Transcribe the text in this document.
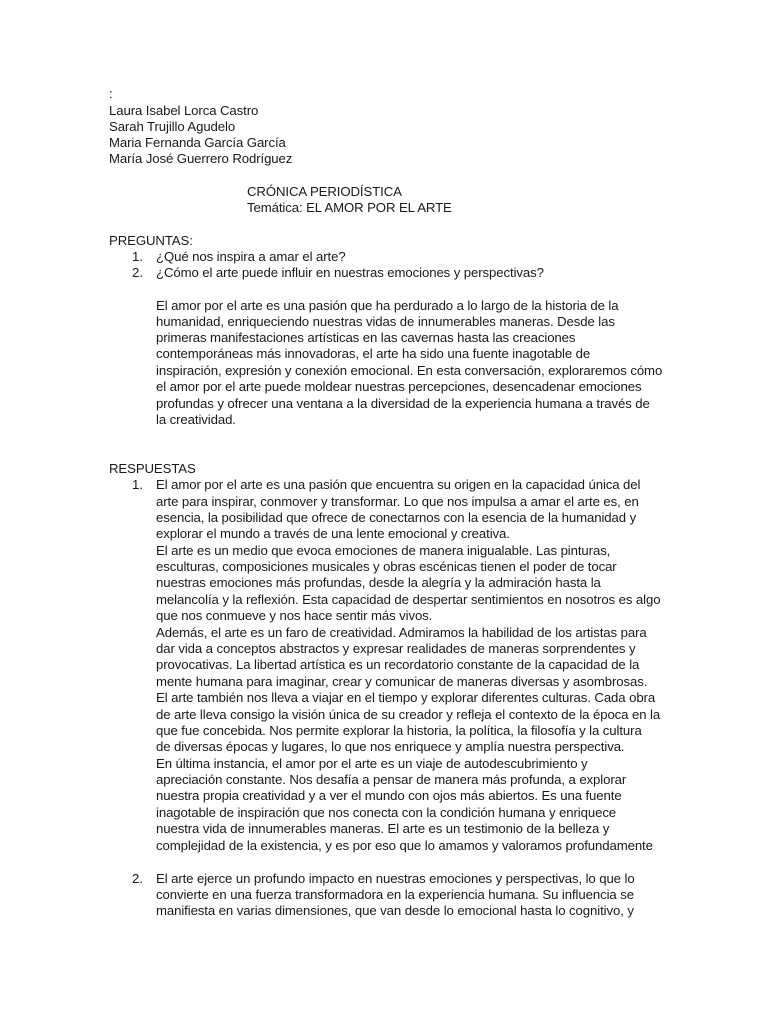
:
Laura Isabel Lorca Castro
Sarah Trujillo Agudelo
Maria Fernanda García García
María José Guerrero Rodríguez
CRÓNICA PERIODÍSTICA
Temática: EL AMOR POR EL ARTE
PREGUNTAS:
1. ¿Qué nos inspira a amar el arte?
2. ¿Cómo el arte puede influir en nuestras emociones y perspectivas?
El amor por el arte es una pasión que ha perdurado a lo largo de la historia de la
humanidad, enriqueciendo nuestras vidas de innumerables maneras. Desde las
primeras manifestaciones artísticas en las cavernas hasta las creaciones
contemporáneas más innovadoras, el arte ha sido una fuente inagotable de
inspiración, expresión y conexión emocional. En esta conversación, exploraremos cómo
el amor por el arte puede moldear nuestras percepciones, desencadenar emociones
profundas y ofrecer una ventana a la diversidad de la experiencia humana a través de
la creatividad.
RESPUESTAS
1. El amor por el arte es una pasión que encuentra su origen en la capacidad única del
arte para inspirar, conmover y transformar. Lo que nos impulsa a amar el arte es, en
esencia, la posibilidad que ofrece de conectarnos con la esencia de la humanidad y
explorar el mundo a través de una lente emocional y creativa.
El arte es un medio que evoca emociones de manera inigualable. Las pinturas,
esculturas, composiciones musicales y obras escénicas tienen el poder de tocar
nuestras emociones más profundas, desde la alegría y la admiración hasta la
melancolía y la reflexión. Esta capacidad de despertar sentimientos en nosotros es algo
que nos conmueve y nos hace sentir más vivos.
Además, el arte es un faro de creatividad. Admiramos la habilidad de los artistas para
dar vida a conceptos abstractos y expresar realidades de maneras sorprendentes y
provocativas. La libertad artística es un recordatorio constante de la capacidad de la
mente humana para imaginar, crear y comunicar de maneras diversas y asombrosas.
El arte también nos lleva a viajar en el tiempo y explorar diferentes culturas. Cada obra
de arte lleva consigo la visión única de su creador y refleja el contexto de la época en la
que fue concebida. Nos permite explorar la historia, la política, la filosofía y la cultura
de diversas épocas y lugares, lo que nos enriquece y amplía nuestra perspectiva.
En última instancia, el amor por el arte es un viaje de autodescubrimiento y
apreciación constante. Nos desafía a pensar de manera más profunda, a explorar
nuestra propia creatividad y a ver el mundo con ojos más abiertos. Es una fuente
inagotable de inspiración que nos conecta con la condición humana y enriquece
nuestra vida de innumerables maneras. El arte es un testimonio de la belleza y
complejidad de la existencia, y es por eso que lo amamos y valoramos profundamente
2. El arte ejerce un profundo impacto en nuestras emociones y perspectivas, lo que lo
convierte en una fuerza transformadora en la experiencia humana. Su influencia se
manifiesta en varias dimensiones, que van desde lo emocional hasta lo cognitivo, y
